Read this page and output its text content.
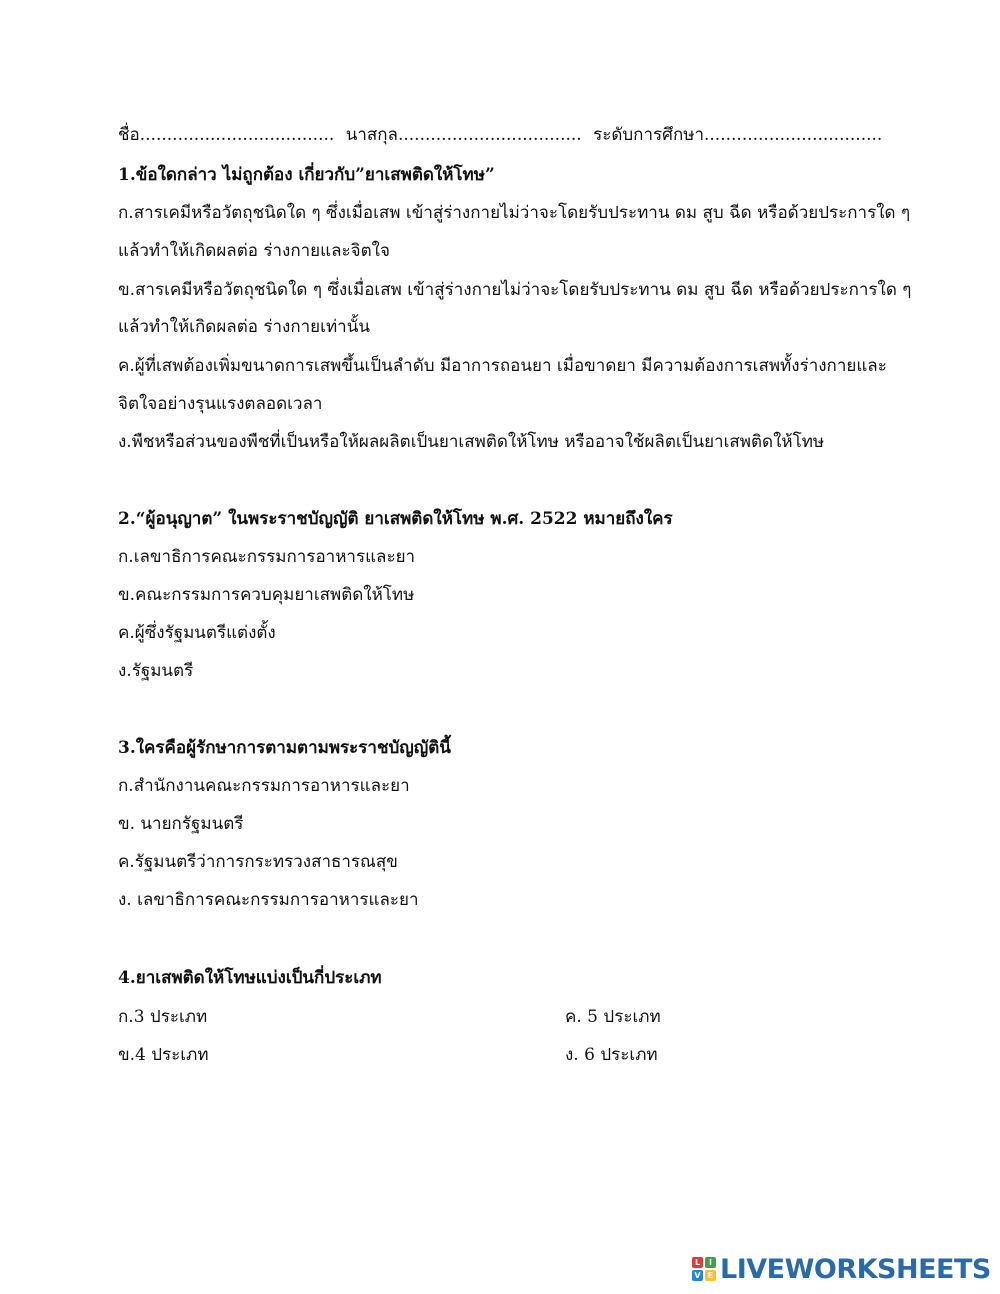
ชื่อ.................................... นาสกุล.................................. ระดับการศึกษา.................................
1.ข้อใดกล่าว ไม่ถูกต้อง เกี่ยวกับ”ยาเสพติดให้โทษ”
ก.สารเคมีหรือวัตถุชนิดใด ๆ ซึ่งเมื่อเสพ เข้าสู่ร่างกายไม่ว่าจะโดยรับประทาน ดม สูบ ฉีด หรือด้วยประการใด ๆ
แล้วทำให้เกิดผลต่อ ร่างกายและจิตใจ
ข.สารเคมีหรือวัตถุชนิดใด ๆ ซึ่งเมื่อเสพ เข้าสู่ร่างกายไม่ว่าจะโดยรับประทาน ดม สูบ ฉีด หรือด้วยประการใด ๆ
แล้วทำให้เกิดผลต่อ ร่างกายเท่านั้น
ค.ผู้ที่เสพต้องเพิ่มขนาดการเสพขึ้นเป็นลำดับ มีอาการถอนยา เมื่อขาดยา มีความต้องการเสพทั้งร่างกายและ
จิตใจอย่างรุนแรงตลอดเวลา
ง.พืชหรือส่วนของพืชที่เป็นหรือให้ผลผลิตเป็นยาเสพติดให้โทษ หรืออาจใช้ผลิตเป็นยาเสพติดให้โทษ
2.“ผู้อนุญาต” ในพระราชบัญญัติ ยาเสพติดให้โทษ พ.ศ. 2522 หมายถึงใคร
ก.เลขาธิการคณะกรรมการอาหารและยา
ข.คณะกรรมการควบคุมยาเสพติดให้โทษ
ค.ผู้ซึ่งรัฐมนตรีแต่งตั้ง
ง.รัฐมนตรี
3.ใครคือผู้รักษาการตามตามพระราชบัญญัตินี้
ก.สำนักงานคณะกรรมการอาหารและยา
ข. นายกรัฐมนตรี
ค.รัฐมนตรีว่าการกระทรวงสาธารณสุข
ง. เลขาธิการคณะกรรมการอาหารและยา
4.ยาเสพติดให้โทษแบ่งเป็นกี่ประเภท
ก.3 ประเภท
ข.4 ประเภท
ค. 5 ประเภท
ง. 6 ประเภท
L	I
V E LIVEWORKSHEETS
